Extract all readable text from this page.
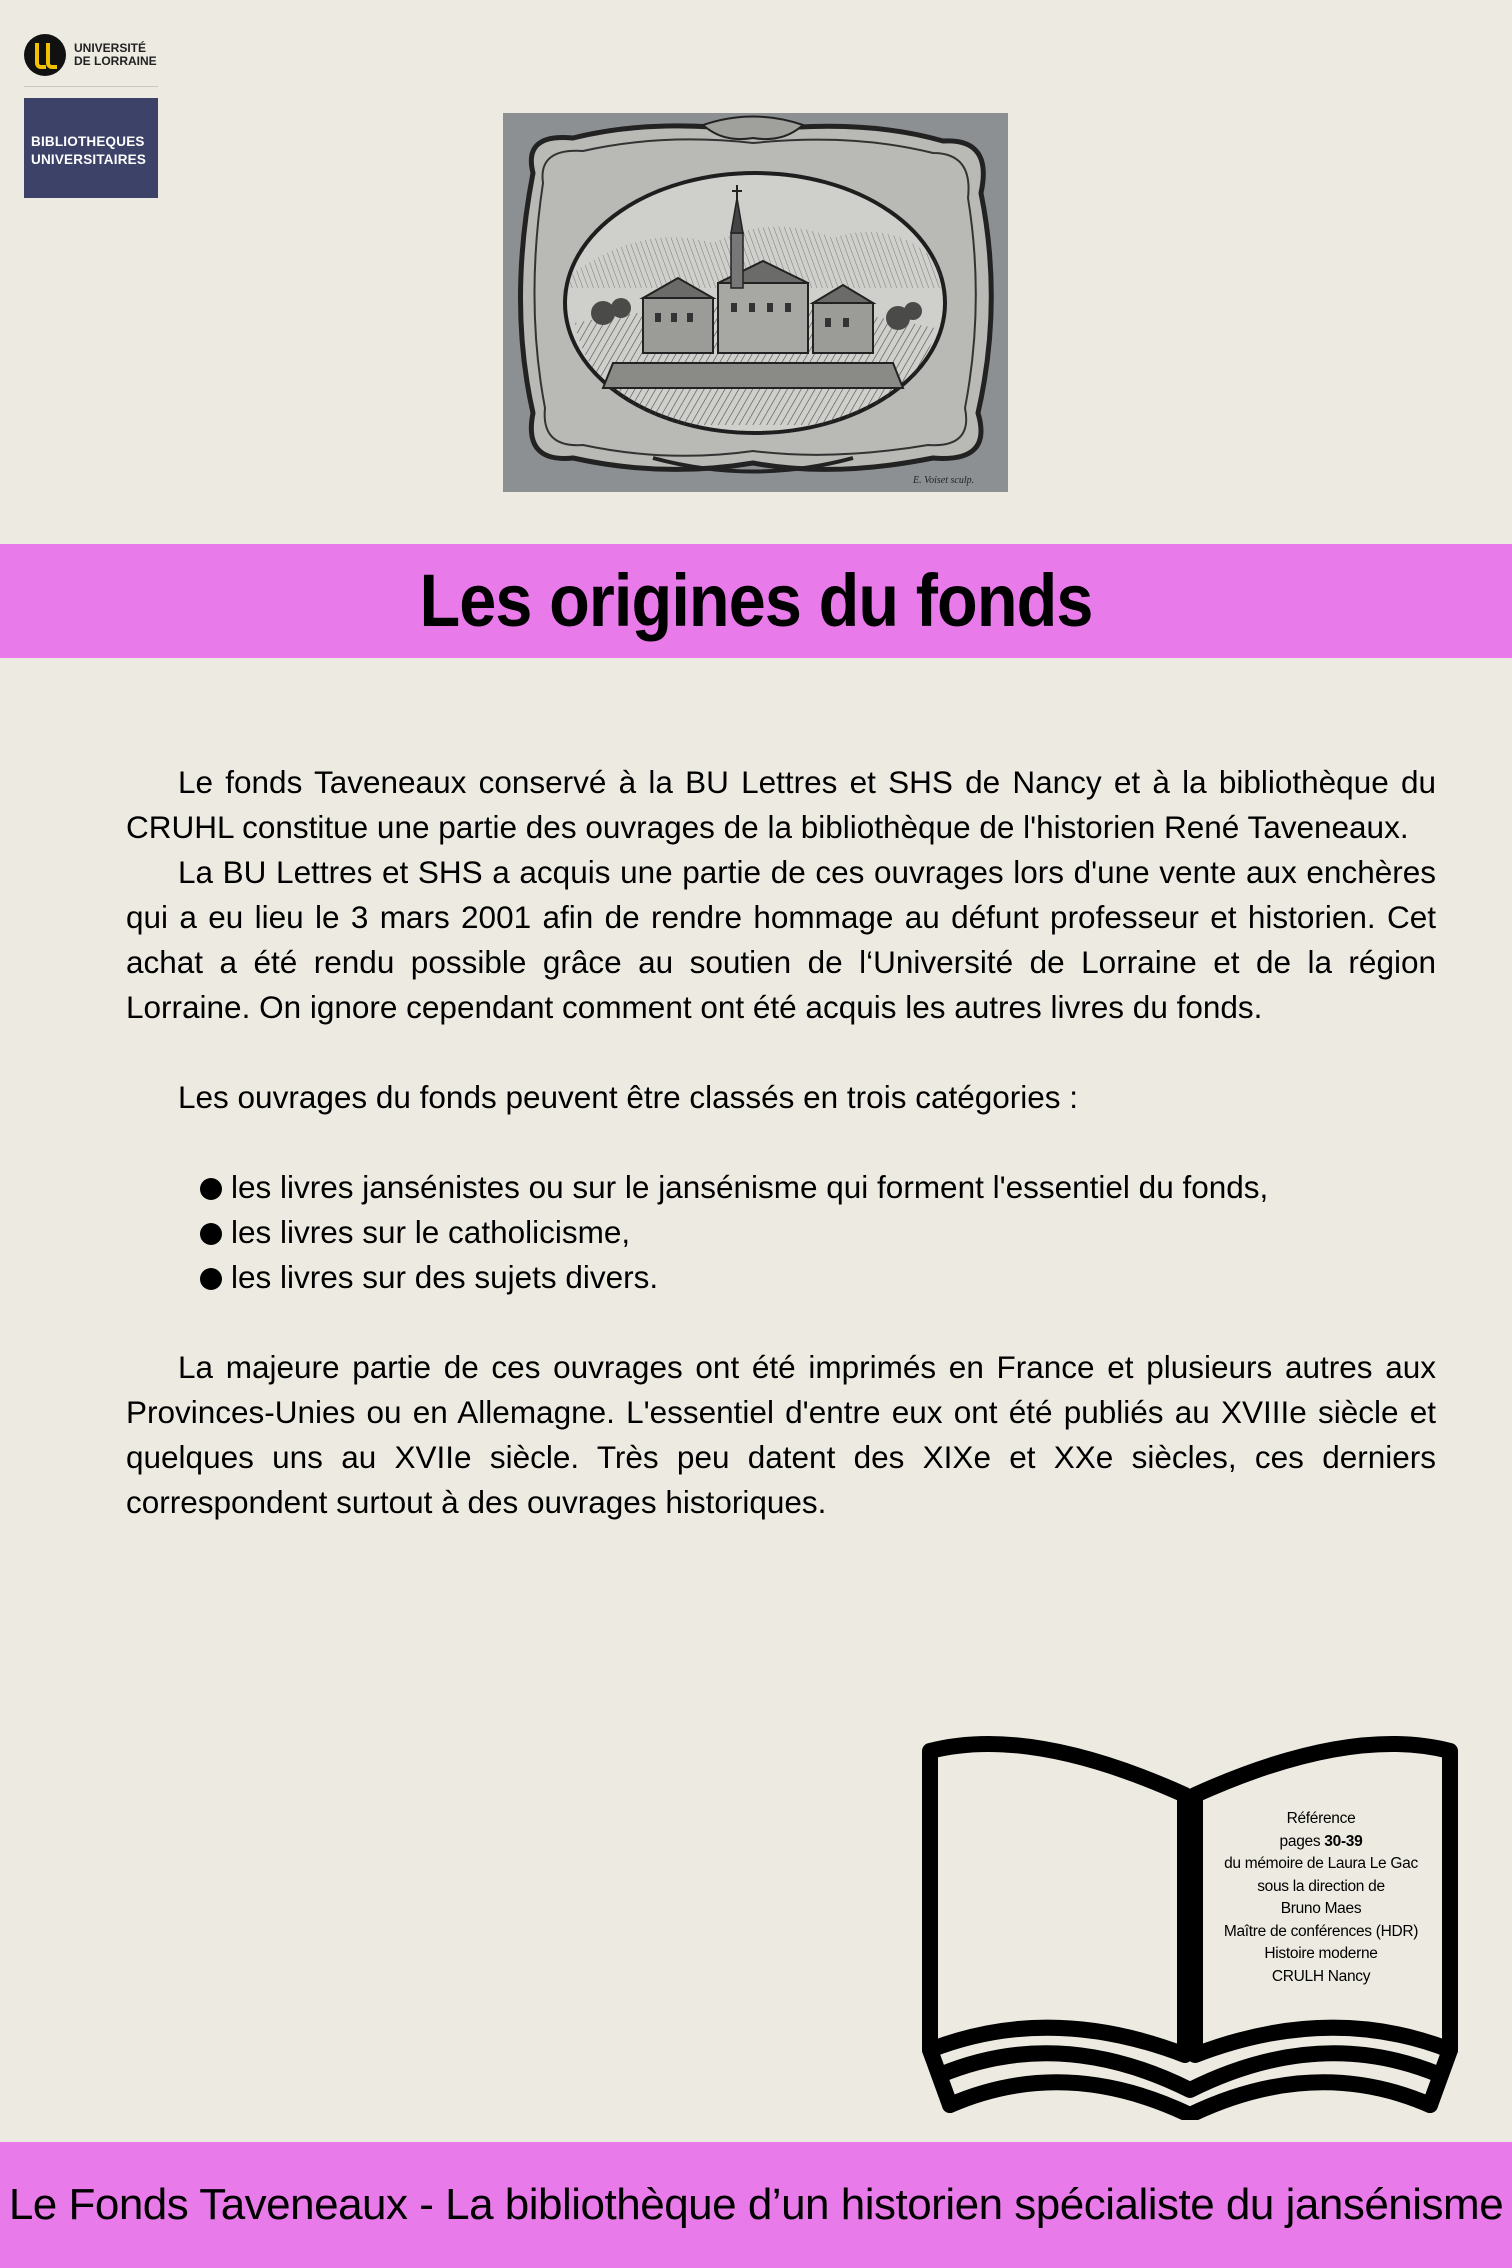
UNIVERSITÉ
DE LORRAINE
BIBLIOTHEQUES
UNIVERSITAIRES
E. Voiset sculp.
Les origines du fonds

Le fonds Taveneaux conservé à la BU Lettres et SHS de Nancy et à la bibliothèque du CRUHL constitue une partie des ouvrages de la bibliothèque de l'historien René Taveneaux.

La BU Lettres et SHS a acquis une partie de ces ouvrages lors d'une vente aux enchères qui a eu lieu le 3 mars 2001 afin de rendre hommage au défunt professeur et historien. Cet achat a été rendu possible grâce au soutien de l‘Université de Lorraine et de la région Lorraine. On ignore cependant comment ont été acquis les autres livres du fonds.

Les ouvrages du fonds peuvent être classés en trois catégories :

les livres jansénistes ou sur le jansénisme qui forment l'essentiel du fonds,
les livres sur le catholicisme,
les livres sur des sujets divers.

La majeure partie de ces ouvrages ont été imprimés en France et plusieurs autres aux Provinces-Unies ou en Allemagne. L'essentiel d'entre eux ont été publiés au XVIIIe siècle et quelques uns au XVIIe siècle. Très peu datent des XIXe et XXe siècles, ces derniers correspondent surtout à des ouvrages historiques.

Référence
pages 30-39
du mémoire de Laura Le Gac
sous la direction de
Bruno Maes
Maître de conférences (HDR)
Histoire moderne
CRULH Nancy
Le Fonds Taveneaux - La bibliothèque d’un historien spécialiste du jansénisme
